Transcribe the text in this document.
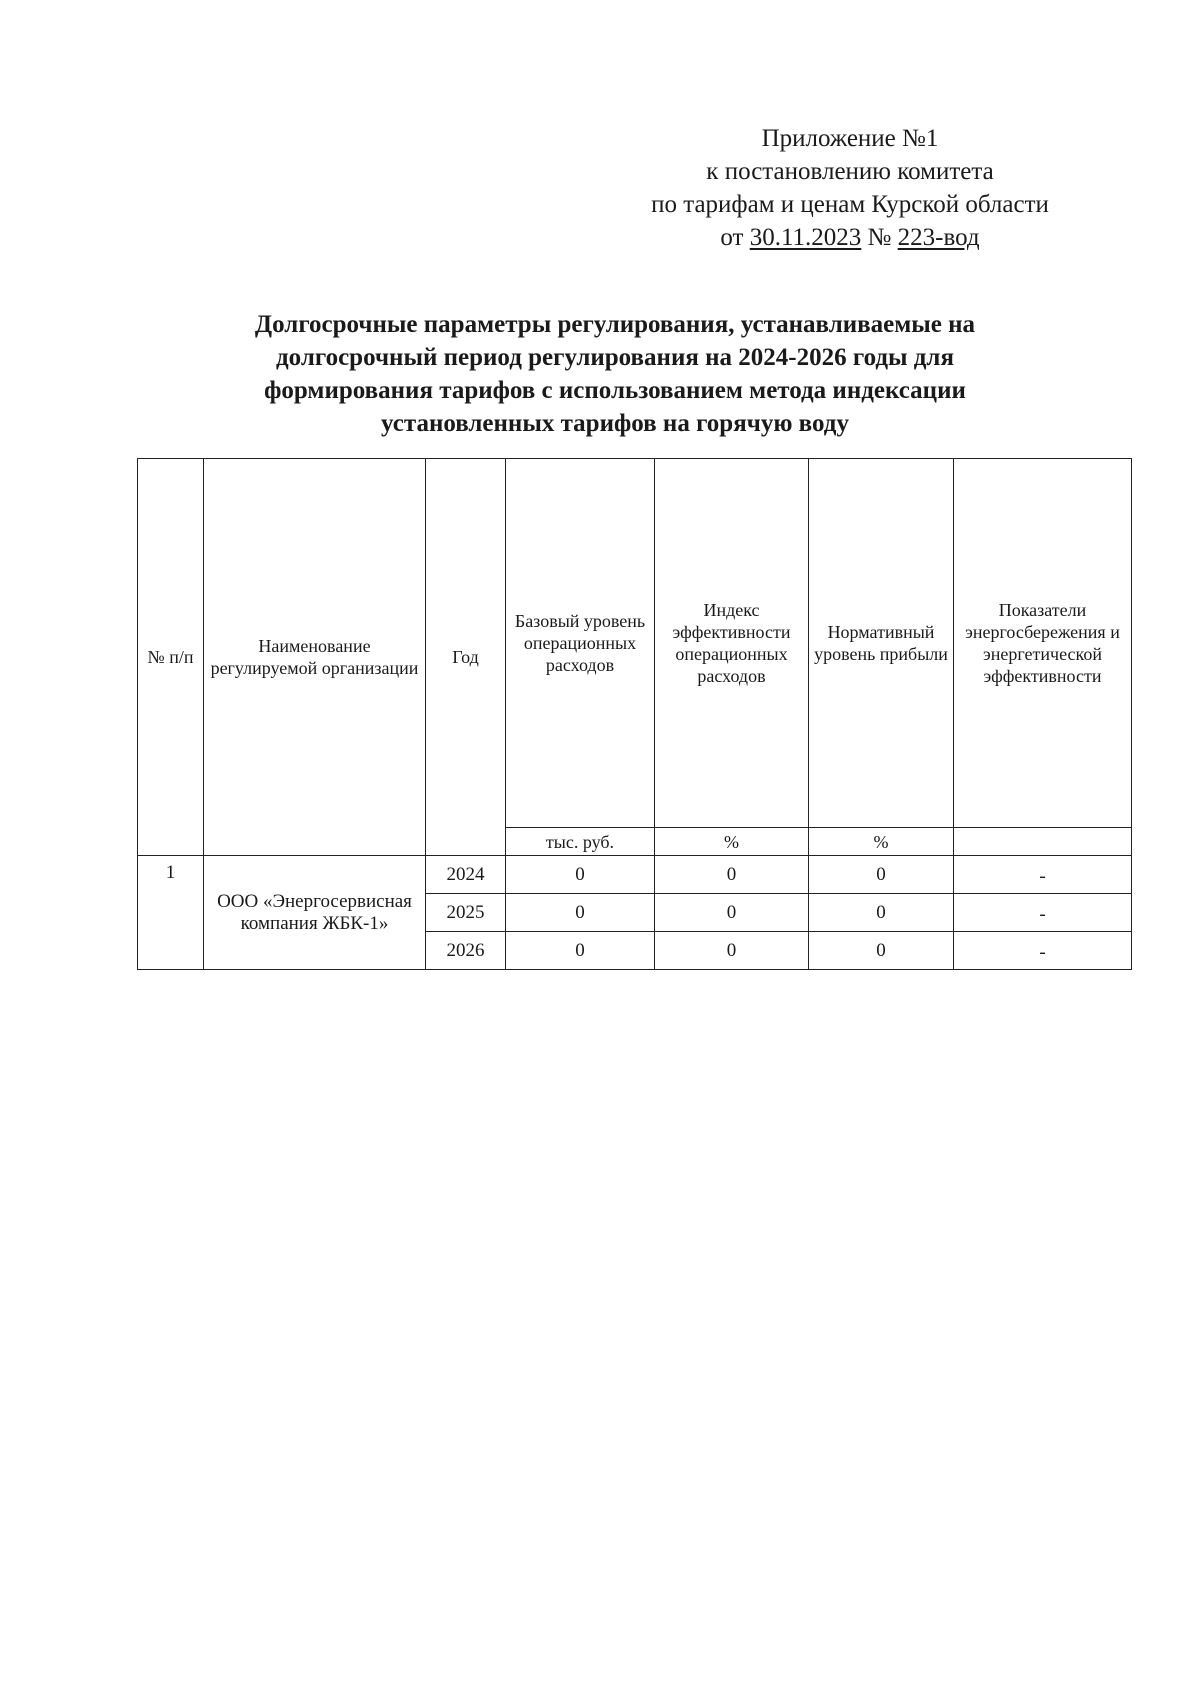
Приложение №1
к постановлению комитета
по тарифам и ценам Курской области
от 30.11.2023 № 223-вод
Долгосрочные параметры регулирования, устанавливаемые на
долгосрочный период регулирования на 2024-2026 годы для
формирования тарифов с использованием метода индексации
установленных тарифов на горячую воду
№ п/п	Наименование регулируемой организации	Год	Базовый уровень операционных расходов	Индекс эффективности операционных расходов	Нормативный уровень прибыли	Показатели энергосбережения и энергетической эффективности
			тыс. руб.	%	%	
1	ООО «Энергосервисная компания ЖБК-1»	2024	0	0	0	-
		2025	0	0	0	-
		2026	0	0	0	-
